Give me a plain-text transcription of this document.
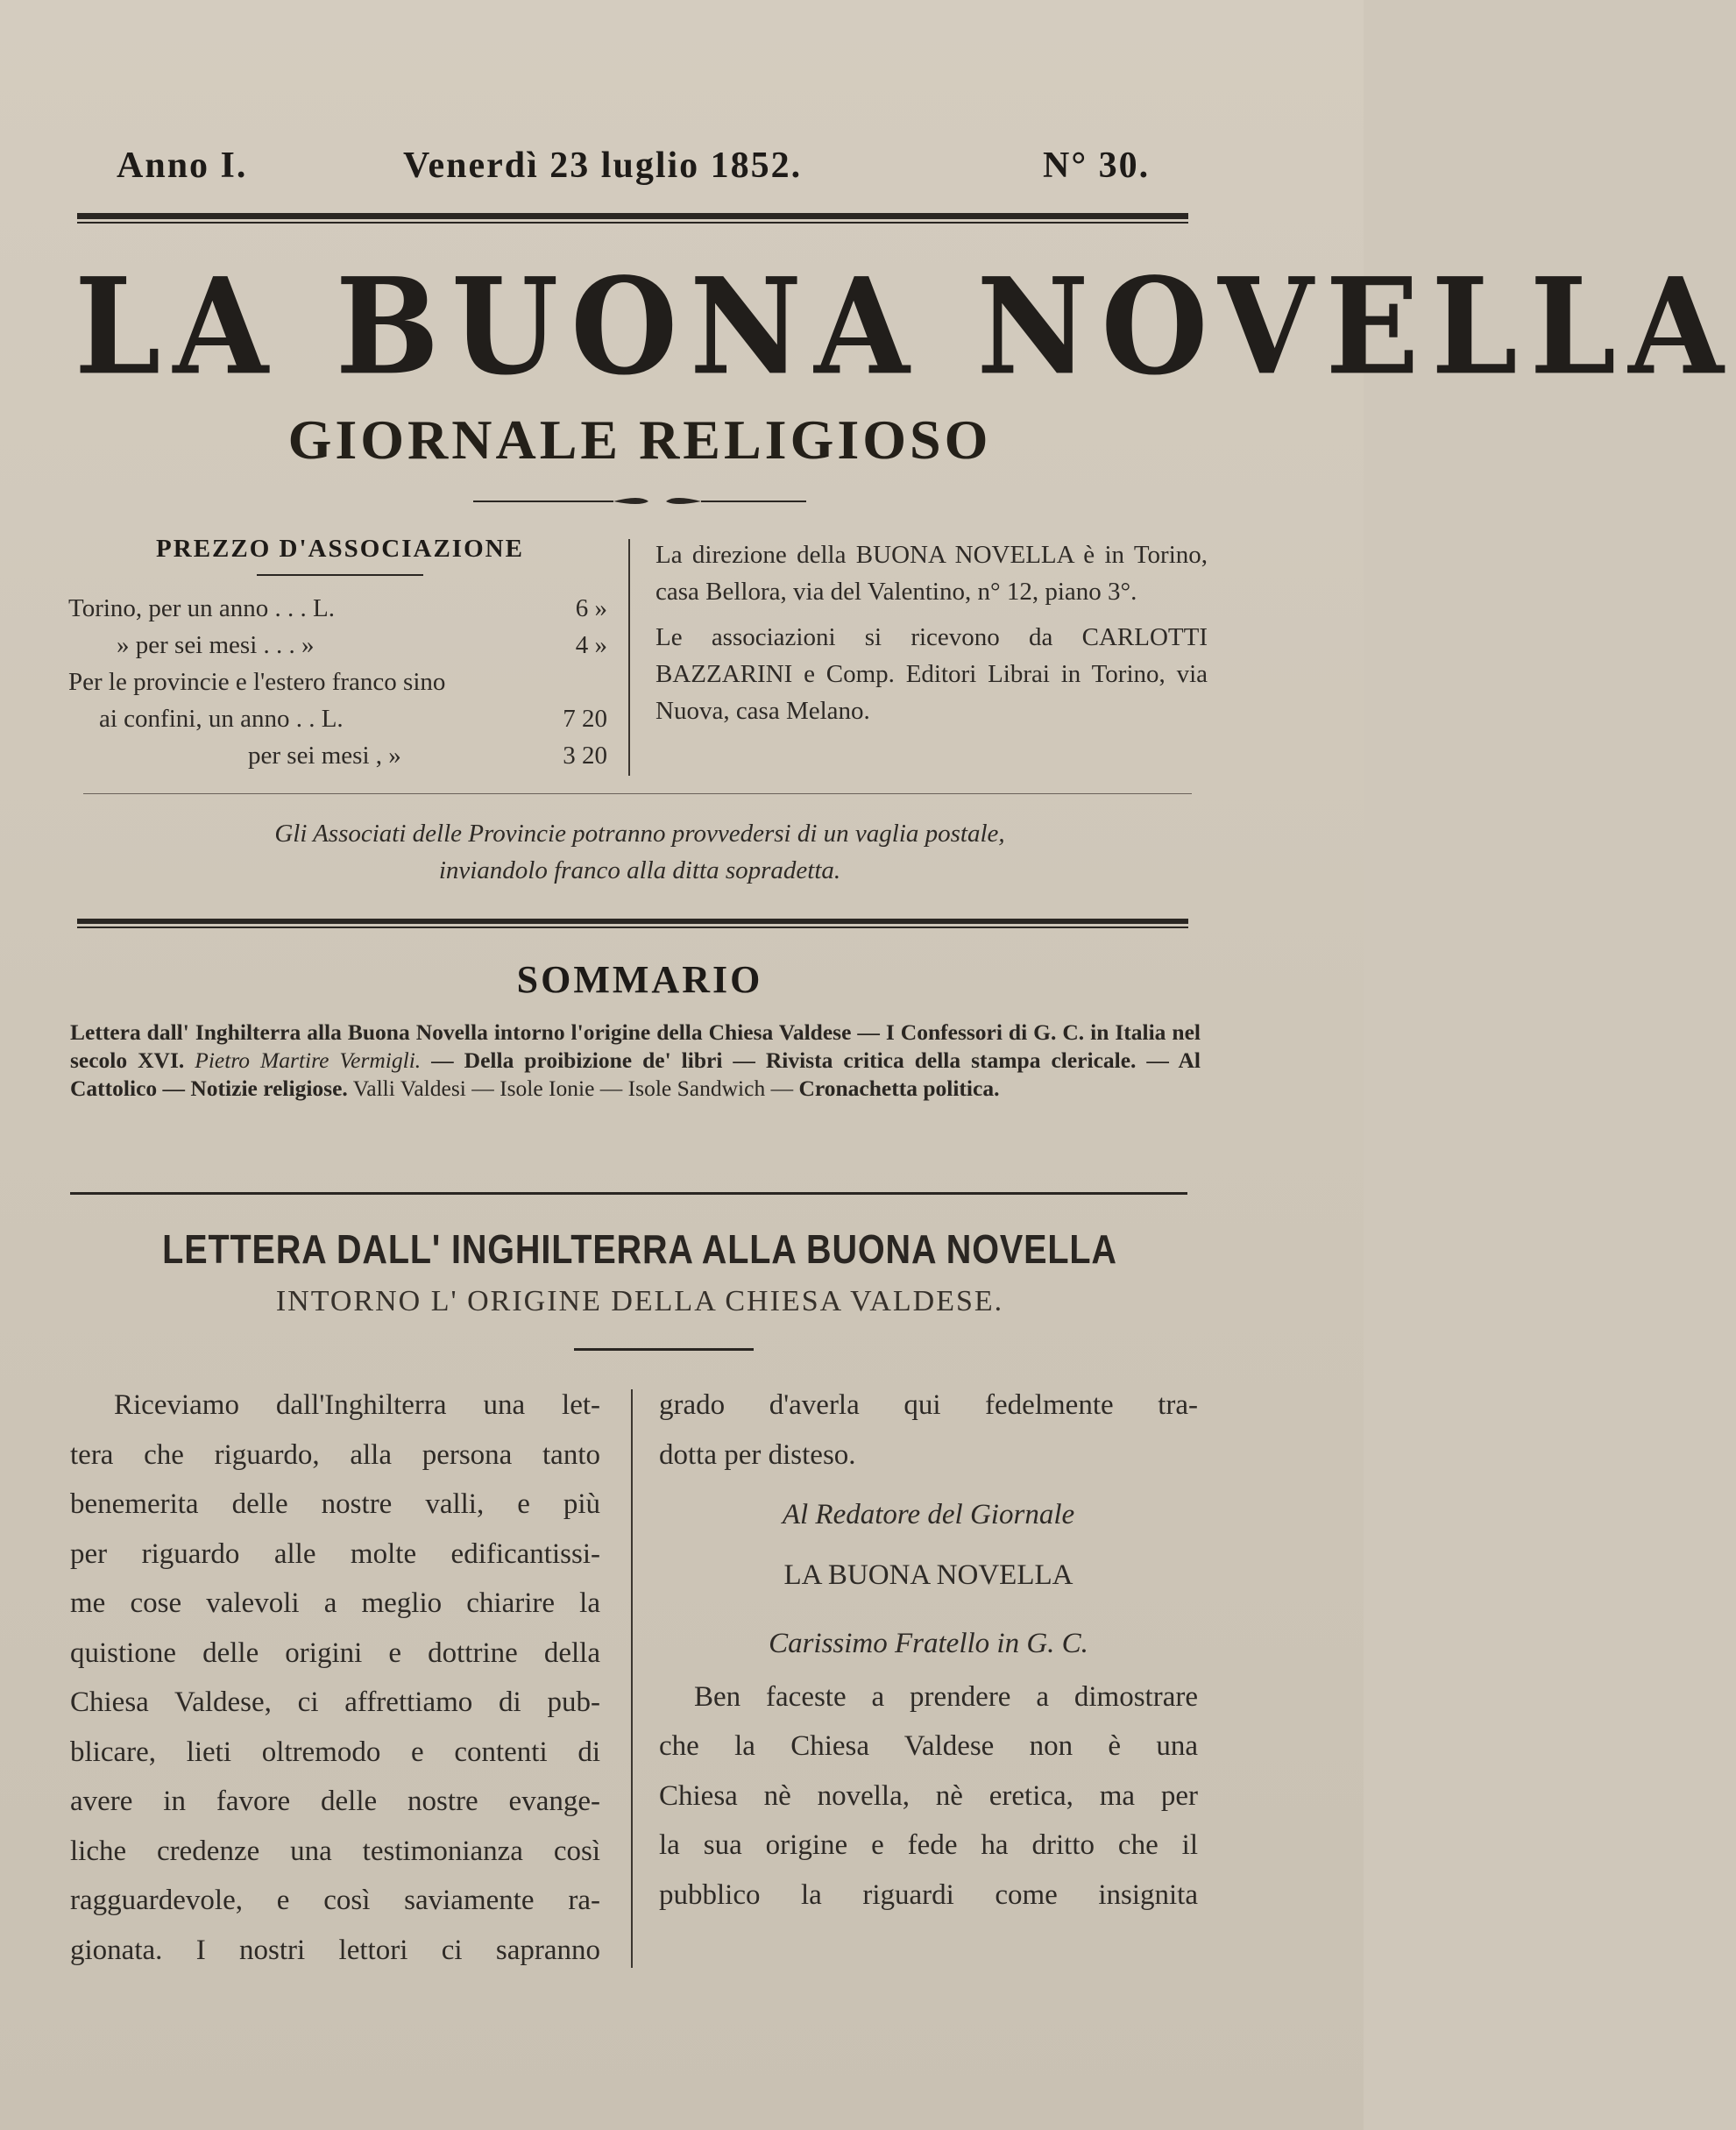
Anno I.	Venerdì 23 luglio 1852.	N° 30.
LA BUONA NOVELLA
GIORNALE RELIGIOSO
PREZZO D'ASSOCIAZIONE
Torino, per un anno . . . L.	6 »
» per sei mesi . . . »	4 »
Per le provincie e l'estero franco sino
ai confini, un anno . . L.	7 20
per sei mesi , »	3 20

La direzione della BUONA NOVELLA è in Torino, casa Bellora, via del Valentino, n° 12, piano 3°.

Le associazioni si ricevono da CARLOTTI BAZZARINI e Comp. Editori Librai in Torino, via Nuova, casa Melano.

Gli Associati delle Provincie potranno provvedersi di un vaglia postale,
inviandolo franco alla ditta sopradetta.
SOMMARIO
Lettera dall' Inghilterra alla Buona Novella intorno l'origine della Chiesa Valdese — I Confessori di G. C. in Italia nel secolo XVI. Pietro Martire Vermigli. — Della proibizione de' libri — Rivista critica della stampa clericale. — Al Cattolico — Notizie religiose. Valli Valdesi — Isole Ionie — Isole Sandwich — Cronachetta politica.
LETTERA DALL' INGHILTERRA ALLA BUONA NOVELLA
INTORNO L' ORIGINE DELLA CHIESA VALDESE.
Riceviamo dall'Inghilterra una let-
tera che riguardo, alla persona tanto
benemerita delle nostre valli, e più
per riguardo alle molte edificantissi-
me cose valevoli a meglio chiarire la
quistione delle origini e dottrine della
Chiesa Valdese, ci affrettiamo di pub-
blicare, lieti oltremodo e contenti di
avere in favore delle nostre evange-
liche credenze una testimonianza così
ragguardevole, e così saviamente ra-
gionata. I nostri lettori ci sapranno
grado d'averla qui fedelmente tra-
dotta per disteso.
Al Redatore del Giornale
LA BUONA NOVELLA
Carissimo Fratello in G. C.
Ben faceste a prendere a dimostrare
che la Chiesa Valdese non è una
Chiesa nè novella, nè eretica, ma per
la sua origine e fede ha dritto che il
pubblico la riguardi come insignita
